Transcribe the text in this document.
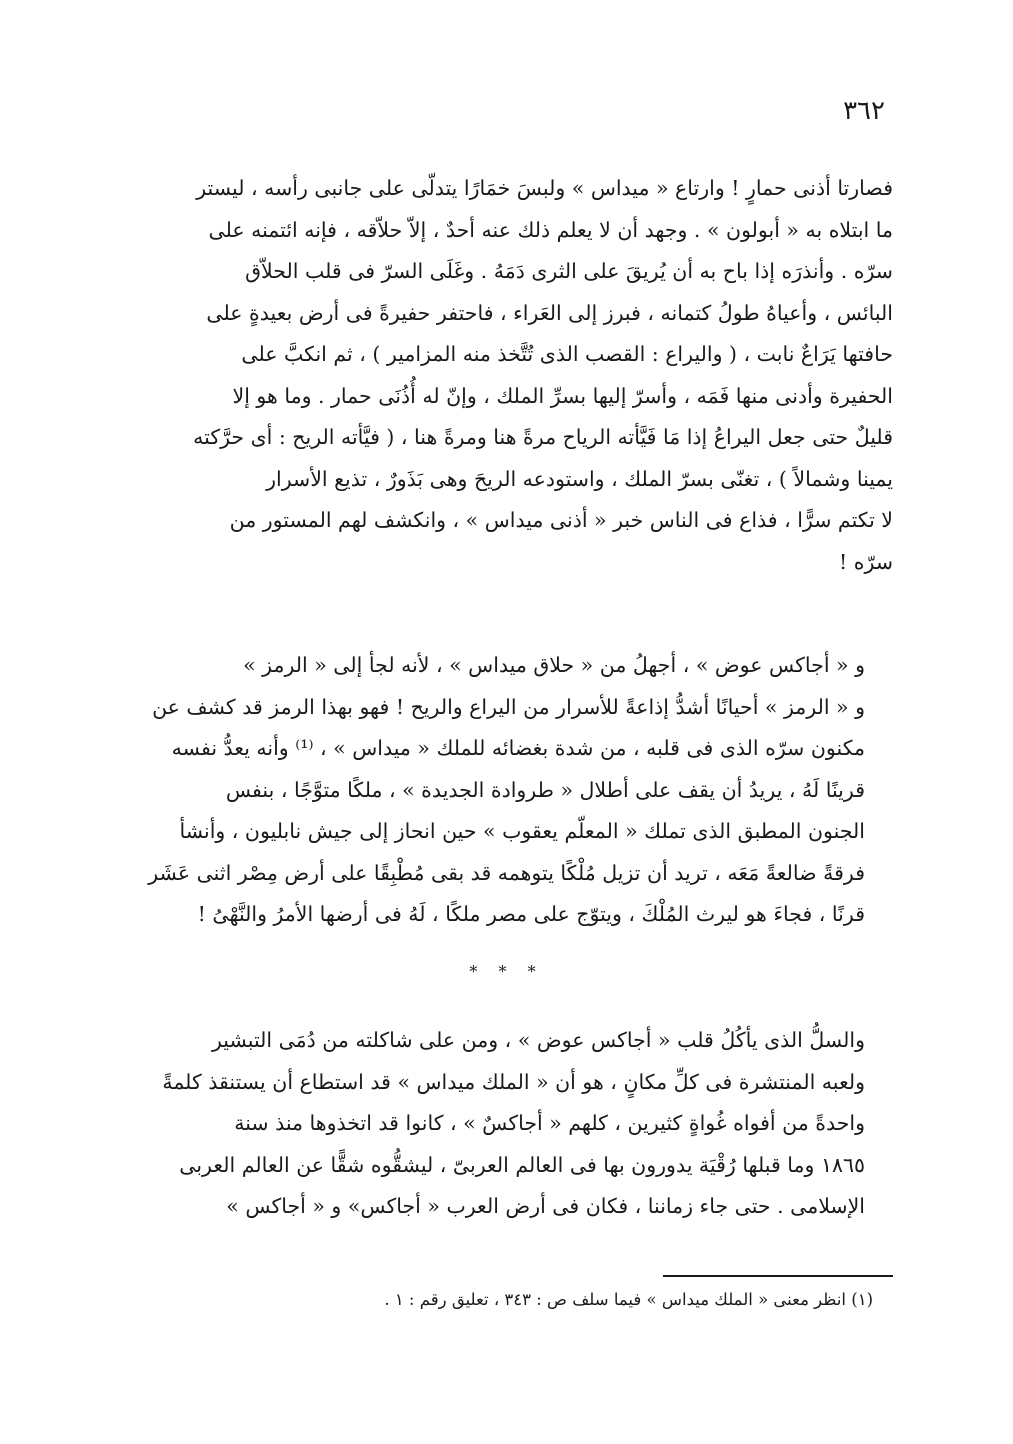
٣٦٢
فصارتا أذنى حمارٍ ! وارتاع « ميداس » ولبسَ خمَارًا يتدلّى على جانبى رأسه ، ليستر
ما ابتلاه به « أبولون » . وجهد أن لا يعلم ذلك عنه أحدٌ ، إلاّ حلاّقه ، فإنه ائتمنه على
سرّه . وأنذرَه إذا باح به أن يُريقَ على الثرى دَمَهُ . وغَلَى السرّ فى قلب الحلاّق
البائس ، وأعياهُ طولُ كتمانه ، فبرز إلى العَراء ، فاحتفر حفيرةً فى أرض بعيدةٍ على
حافتها يَرَاعٌ نابت ، ( واليراع : القصب الذى تُتَّخذ منه المزامير ) ، ثم انكبَّ على
الحفيرة وأدنى منها فَمَه ، وأسرّ إليها بسرِّ الملك ، وإنّ له أُذُنَى حمار . وما هو إلا
قليلٌ حتى جعل اليراعُ إذا مَا فَيَّأته الرياح مرةً هنا ومرةً هنا ، ( فيَّأته الريح : أى حرَّكته
يمينا وشمالاً ) ، تغنّى بسرّ الملك ، واستودعه الريحَ وهى بَذَورٌ ، تذيع الأسرار
لا تكتم سرًّا ، فذاع فى الناس خبر « أذنى ميداس » ، وانكشف لهم المستور من
سرّه !
و « أجاكس عوض » ، أجهلُ من « حلاق ميداس » ، لأنه لجأ إلى « الرمز »
و « الرمز » أحيانًا أشدُّ إذاعةً للأسرار من اليراع والريح ! فهو بهذا الرمز قد كشف عن
مكنون سرّه الذى فى قلبه ، من شدة بغضائه للملك « ميداس » ، ⁽¹⁾ وأنه يعدُّ نفسه
قرينًا لَهُ ، يريدُ أن يقف على أطلال « طروادة الجديدة » ، ملكًا متوَّجًا ، بنفس
الجنون المطبق الذى تملك « المعلّم يعقوب » حين انحاز إلى جيش نابليون ، وأنشأ
فرقةً ضالعةً مَعَه ، تريد أن تزيل مُلْكًا يتوهمه قد بقى مُطْبِقًا على أرض مِصْر اثنى عَشَر
قرنًا ، فجاءَ هو ليرث المُلْكَ ، ويتوّج على مصر ملكًا ، لَهُ فى أرضها الأمرُ والنَّهْىُ !
* * *
والسلُّ الذى يأكُلُ قلب « أجاكس عوض » ، ومن على شاكلته من دُمَى التبشير
ولعبه المنتشرة فى كلِّ مكانٍ ، هو أن « الملك ميداس » قد استطاع أن يستنقذ كلمةً
واحدةً من أفواه غُواةٍ كثيرين ، كلهم « أجاكسٌ » ، كانوا قد اتخذوها منذ سنة
١٨٦٥ وما قبلها رُقْيَة يدورون بها فى العالم العربىّ ، ليشقُّوه شقًّا عن العالم العربى
الإسلامى . حتى جاء زماننا ، فكان فى أرض العرب « أجاكس» و « أجاكس »
(١) انظر معنى « الملك ميداس » فيما سلف ص : ٣٤٣ ، تعليق رقم : ١ .
